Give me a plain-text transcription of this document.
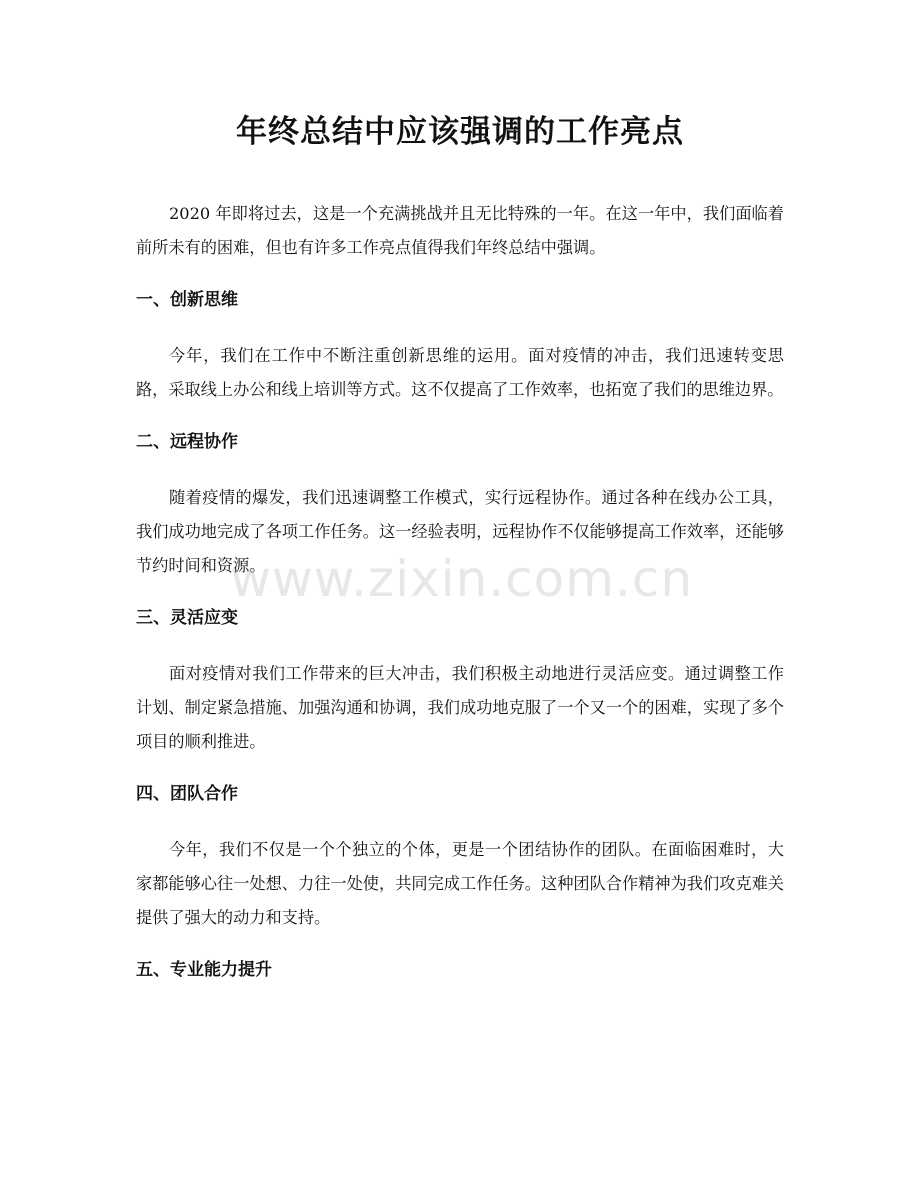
年终总结中应该强调的工作亮点

2020 年即将过去，这是一个充满挑战并且无比特殊的一年。在这一年中，我们面临着前所未有的困难，但也有许多工作亮点值得我们年终总结中强调。

一、创新思维

今年，我们在工作中不断注重创新思维的运用。面对疫情的冲击，我们迅速转变思路，采取线上办公和线上培训等方式。这不仅提高了工作效率，也拓宽了我们的思维边界。

二、远程协作

随着疫情的爆发，我们迅速调整工作模式，实行远程协作。通过各种在线办公工具，我们成功地完成了各项工作任务。这一经验表明，远程协作不仅能够提高工作效率，还能够节约时间和资源。

三、灵活应变

面对疫情对我们工作带来的巨大冲击，我们积极主动地进行灵活应变。通过调整工作计划、制定紧急措施、加强沟通和协调，我们成功地克服了一个又一个的困难，实现了多个项目的顺利推进。

四、团队合作

今年，我们不仅是一个个独立的个体，更是一个团结协作的团队。在面临困难时，大家都能够心往一处想、力往一处使，共同完成工作任务。这种团队合作精神为我们攻克难关提供了强大的动力和支持。

五、专业能力提升
www.zixin.com.cn
